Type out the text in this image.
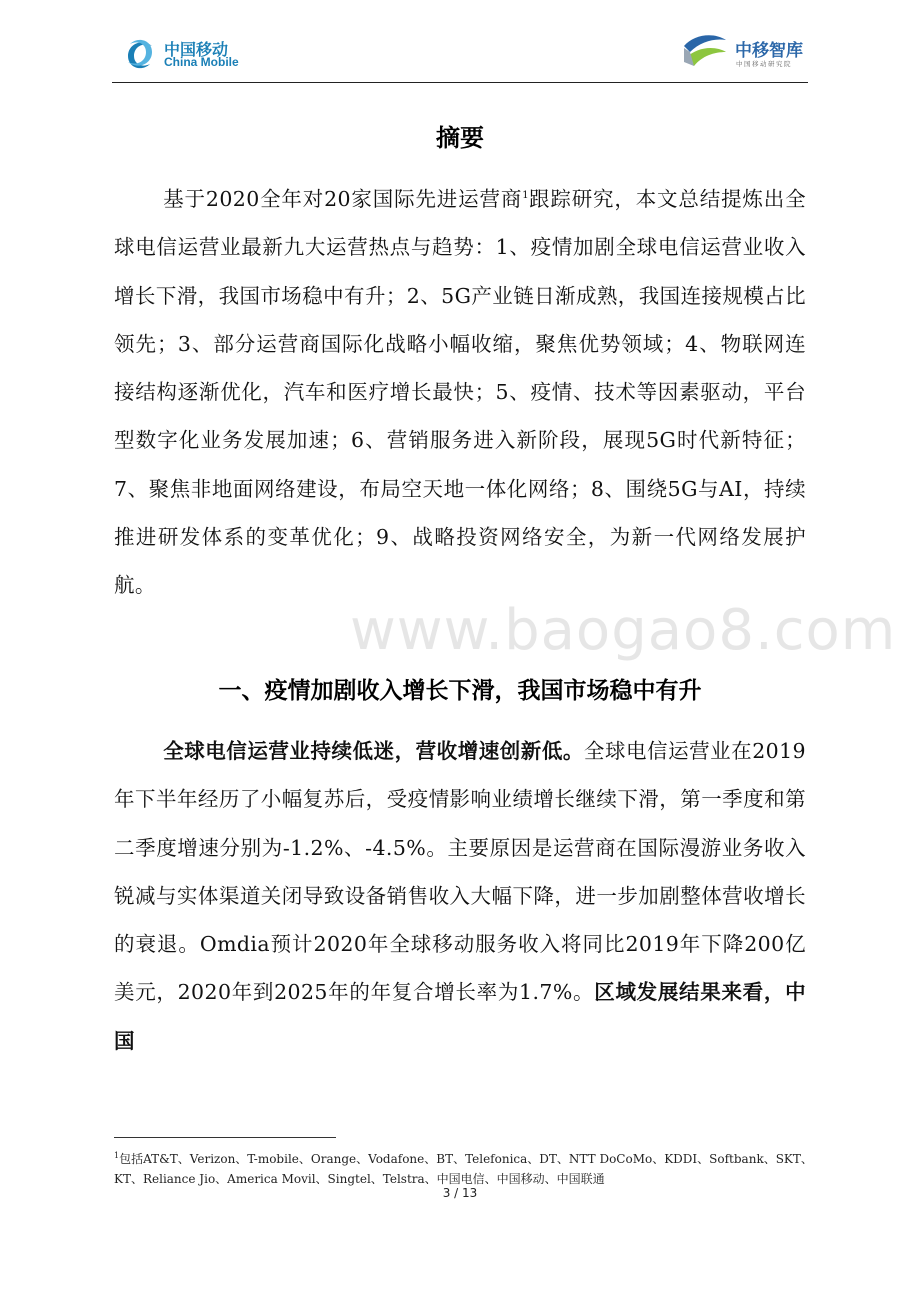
中国移动
China Mobile
中移智库
中国移动研究院
摘要

基于2020全年对20家国际先进运营商$^1$跟踪研究，本文总结提炼出全球电信运营业最新九大运营热点与趋势：1、疫情加剧全球电信运营业收入增长下滑，我国市场稳中有升；2、5G产业链日渐成熟，我国连接规模占比领先；3、部分运营商国际化战略小幅收缩，聚焦优势领域；4、物联网连接结构逐渐优化，汽车和医疗增长最快；5、疫情、技术等因素驱动，平台型数字化业务发展加速；6、营销服务进入新阶段，展现5G时代新特征；7、聚焦非地面网络建设，布局空天地一体化网络；8、围绕5G与AI，持续推进研发体系的变革优化；9、战略投资网络安全，为新一代网络发展护航。

www.baogao8.com
一、疫情加剧收入增长下滑，我国市场稳中有升

全球电信运营业持续低迷，营收增速创新低。全球电信运营业在2019年下半年经历了小幅复苏后，受疫情影响业绩增长继续下滑，第一季度和第二季度增速分别为-1.2%、-4.5%。主要原因是运营商在国际漫游业务收入锐减与实体渠道关闭导致设备销售收入大幅下降，进一步加剧整体营收增长的衰退。Omdia预计2020年全球移动服务收入将同比2019年下降200亿美元，2020年到2025年的年复合增长率为1.7%。区域发展结果来看，中国

$^1$包括AT&T、Verizon、T-mobile、Orange、Vodafone、BT、Telefonica、DT、NTT DoCoMo、KDDI、Softbank、SKT、KT、Reliance Jio、America Movil、Singtel、Telstra、中国电信、中国移动、中国联通

3 / 13
